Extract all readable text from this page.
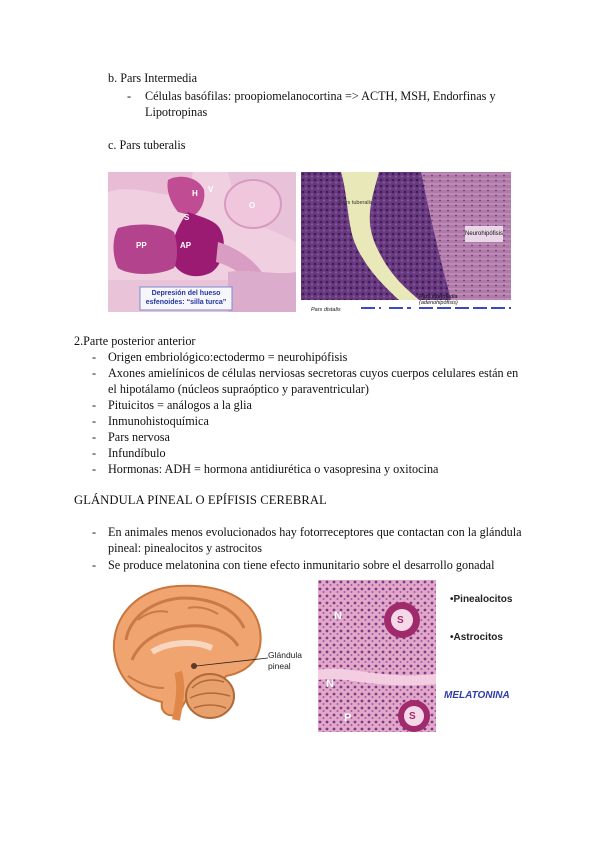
b. Pars Intermedia
- Células basófilas: proopiomelanocortina => ACTH, MSH, Endorfinas y
Lipotropinas
c. Pars tuberalis
H V
S
O
PP	AP
Depresión del hueso
esfenoides: “silla turca”
Pars tuberalis
Neurohipófisis
Pars distalis
Pars intermedia
(adenohipófisis)
2.Parte posterior anterior
- Origen embriológico:ectodermo = neurohipófisis
- Axones amielínicos de células nerviosas secretoras cuyos cuerpos celulares están en
el hipotálamo (núcleos supraóptico y paraventricular)
- Pituicitos = análogos a la glia
- Inmunohistoquímica
- Pars nervosa
- Infundíbulo
- Hormonas: ADH = hormona antidiurética o vasopresina y oxitocina
GLÁNDULA PINEAL O EPÍFISIS CEREBRAL
- En animales menos evolucionados hay fotorreceptores que contactan con la glándula
pineal: pinealocitos y astrocitos
- Se produce melatonina con tiene efecto inmunitario sobre el desarrollo gonadal
Glándula
pineal
N	S
N
P	S
•Pinealocitos
•Astrocitos
MELATONINA
